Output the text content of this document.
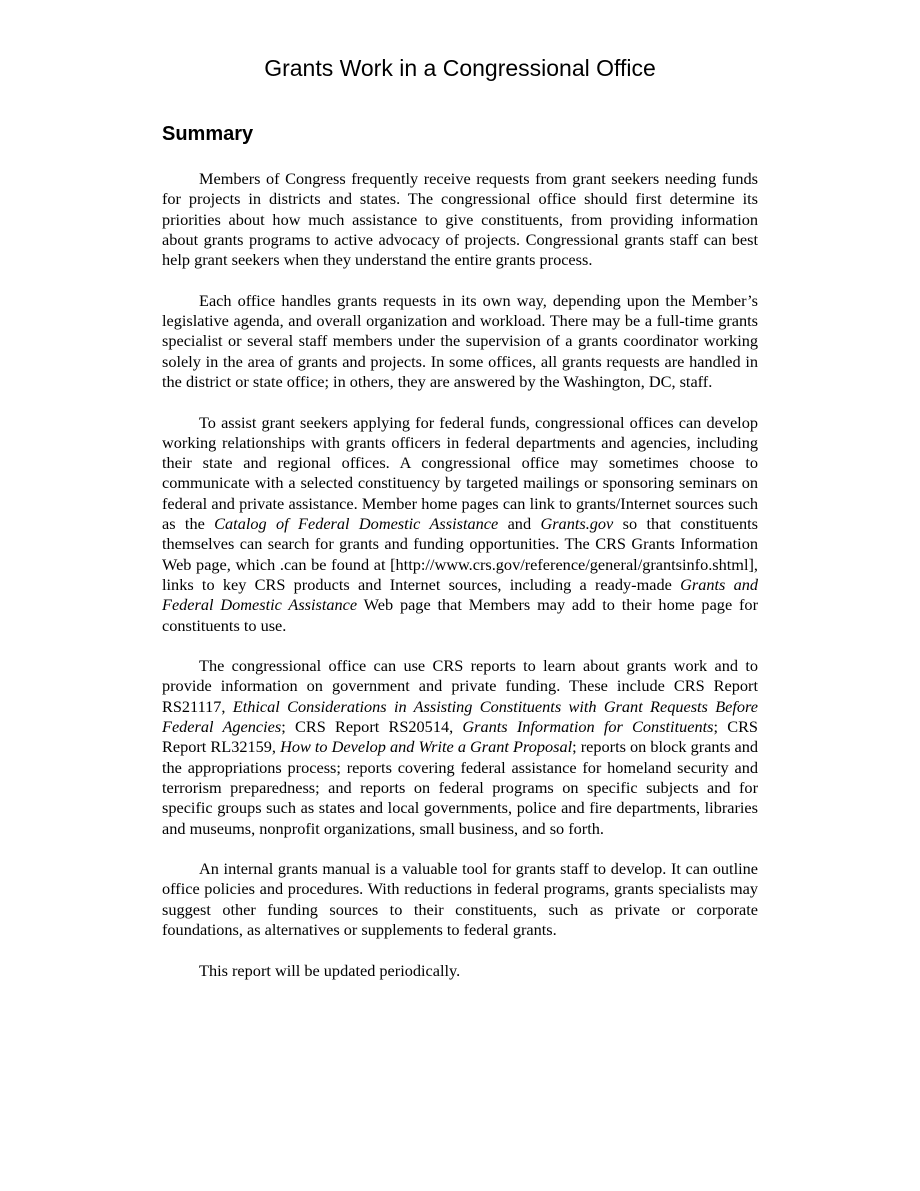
Grants Work in a Congressional Office
Summary

Members of Congress frequently receive requests from grant seekers needing funds for projects in districts and states. The congressional office should first determine its priorities about how much assistance to give constituents, from providing information about grants programs to active advocacy of projects. Congressional grants staff can best help grant seekers when they understand the entire grants process.

Each office handles grants requests in its own way, depending upon the Member’s legislative agenda, and overall organization and workload. There may be a full-time grants specialist or several staff members under the supervision of a grants coordinator working solely in the area of grants and projects. In some offices, all grants requests are handled in the district or state office; in others, they are answered by the Washington, DC, staff.

To assist grant seekers applying for federal funds, congressional offices can develop working relationships with grants officers in federal departments and agencies, including their state and regional offices. A congressional office may sometimes choose to communicate with a selected constituency by targeted mailings or sponsoring seminars on federal and private assistance. Member home pages can link to grants/Internet sources such as the Catalog of Federal Domestic Assistance and Grants.gov so that constituents themselves can search for grants and funding opportunities. The CRS Grants Information Web page, which .can be found at [http://www.crs.gov/reference/general/grantsinfo.shtml], links to key CRS products and Internet sources, including a ready-made Grants and Federal Domestic Assistance Web page that Members may add to their home page for constituents to use.

The congressional office can use CRS reports to learn about grants work and to provide information on government and private funding. These include CRS Report RS21117, Ethical Considerations in Assisting Constituents with Grant Requests Before Federal Agencies; CRS Report RS20514, Grants Information for Constituents; CRS Report RL32159, How to Develop and Write a Grant Proposal; reports on block grants and the appropriations process; reports covering federal assistance for homeland security and terrorism preparedness; and reports on federal programs on specific subjects and for specific groups such as states and local governments, police and fire departments, libraries and museums, nonprofit organizations, small business, and so forth.

An internal grants manual is a valuable tool for grants staff to develop. It can outline office policies and procedures. With reductions in federal programs, grants specialists may suggest other funding sources to their constituents, such as private or corporate foundations, as alternatives or supplements to federal grants.

This report will be updated periodically.
